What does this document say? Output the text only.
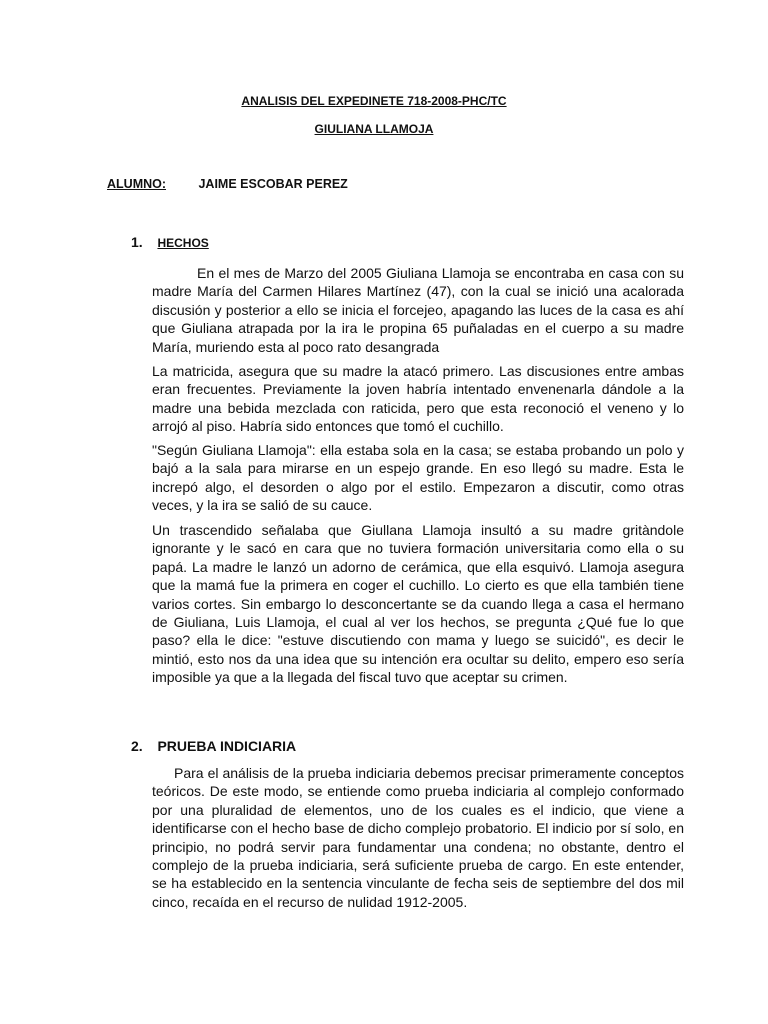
ANALISIS DEL EXPEDINETE 718-2008-PHC/TC
GIULIANA LLAMOJA
ALUMNO:	JAIME ESCOBAR PEREZ
1. HECHOS

En el mes de Marzo del 2005 Giuliana Llamoja se encontraba en casa con su madre María del Carmen Hilares Martínez (47), con la cual se inició una acalorada discusión y posterior a ello se inicia el forcejeo, apagando las luces de la casa es ahí que Giuliana atrapada por la ira le propina 65 puñaladas en el cuerpo a su madre María, muriendo esta al poco rato desangrada

La matricida, asegura que su madre la atacó primero. Las discusiones entre ambas eran frecuentes. Previamente la joven habría intentado envenenarla dándole a la madre una bebida mezclada con raticida, pero que esta reconoció el veneno y lo arrojó al piso. Habría sido entonces que tomó el cuchillo.

"Según Giuliana Llamoja": ella estaba sola en la casa; se estaba probando un polo y bajó a la sala para mirarse en un espejo grande. En eso llegó su madre. Esta le increpó algo, el desorden o algo por el estilo. Empezaron a discutir, como otras veces, y la ira se salió de su cauce.

Un trascendido señalaba que Giullana Llamoja insultó a su madre gritàndole ignorante y le sacó en cara que no tuviera formación universitaria como ella o su papá. La madre le lanzó un adorno de cerámica, que ella esquivó. Llamoja asegura que la mamá fue la primera en coger el cuchillo. Lo cierto es que ella también tiene varios cortes. Sin embargo lo desconcertante se da cuando llega a casa el hermano de Giuliana, Luis Llamoja, el cual al ver los hechos, se pregunta ¿Qué fue lo que paso? ella le dice: "estuve discutiendo con mama y luego se suicidó", es decir le mintió, esto nos da una idea que su intención era ocultar su delito, empero eso sería imposible ya que a la llegada del fiscal tuvo que aceptar su crimen.

2. PRUEBA INDICIARIA

Para el análisis de la prueba indiciaria debemos precisar primeramente conceptos teóricos. De este modo, se entiende como prueba indiciaria al complejo conformado por una pluralidad de elementos, uno de los cuales es el indicio, que viene a identificarse con el hecho base de dicho complejo probatorio. El indicio por sí solo, en principio, no podrá servir para fundamentar una condena; no obstante, dentro el complejo de la prueba indiciaria, será suficiente prueba de cargo. En este entender, se ha establecido en la sentencia vinculante de fecha seis de septiembre del dos mil cinco, recaída en el recurso de nulidad 1912-2005.
